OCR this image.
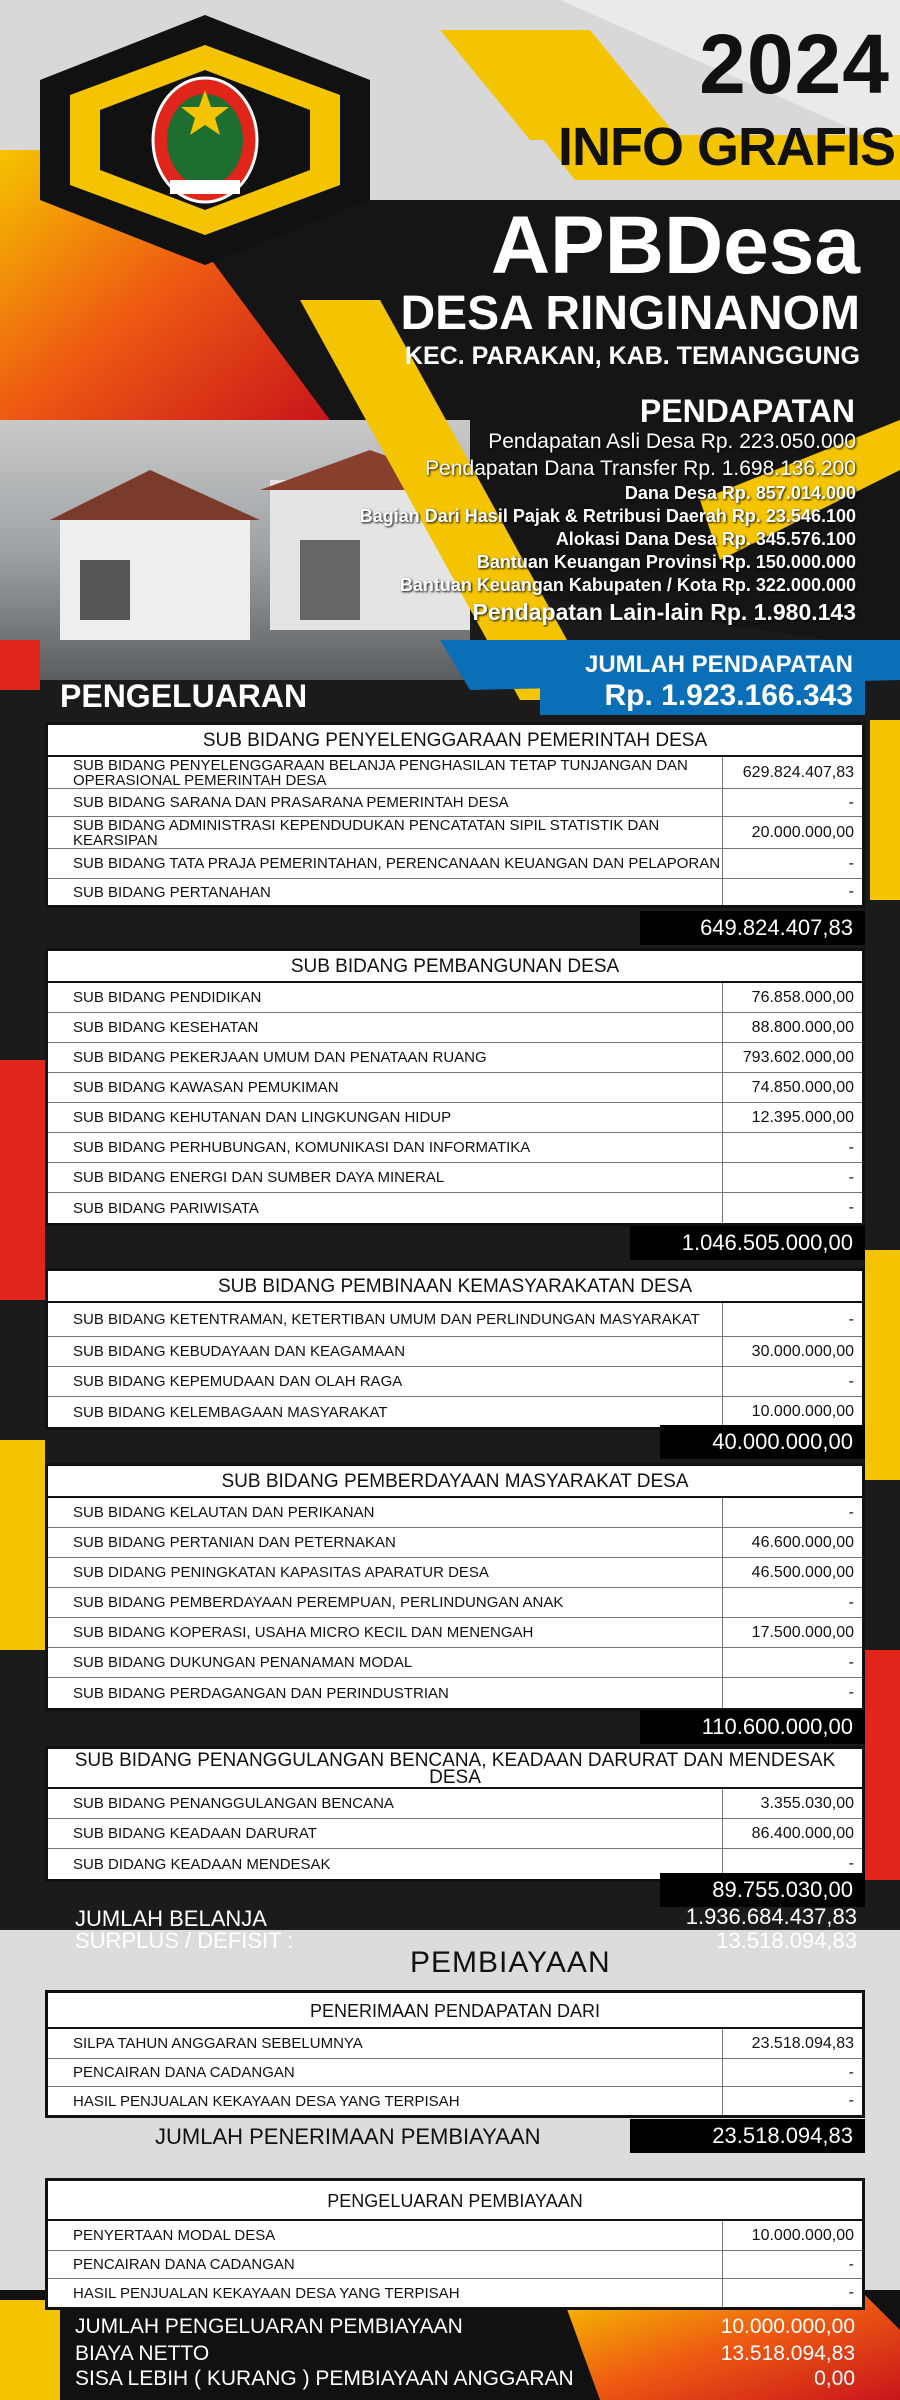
2024
INFO GRAFIS
APBDesa
DESA RINGINANOM
KEC. PARAKAN, KAB. TEMANGGUNG
PENDAPATAN
Pendapatan Asli Desa Rp. 223.050.000
Pendapatan Dana Transfer Rp. 1.698.136.200
Dana Desa Rp. 857.014.000
Bagian Dari Hasil Pajak & Retribusi Daerah Rp. 23.546.100
Alokasi Dana Desa Rp. 345.576.100
Bantuan Keuangan Provinsi Rp. 150.000.000
Bantuan Keuangan Kabupaten / Kota Rp. 322.000.000
Pendapatan Lain-lain Rp. 1.980.143
JUMLAH PENDAPATAN
Rp. 1.923.166.343
PENGELUARAN
SUB BIDANG PENYELENGGARAAN PEMERINTAH DESA
SUB BIDANG PENYELENGGARAAN BELANJA PENGHASILAN TETAP TUNJANGAN DAN OPERASIONAL PEMERINTAH DESA	629.824.407,83
SUB BIDANG SARANA DAN PRASARANA PEMERINTAH DESA	-
SUB BIDANG ADMINISTRASI KEPENDUDUKAN PENCATATAN SIPIL STATISTIK DAN KEARSIPAN	20.000.000,00
SUB BIDANG TATA PRAJA PEMERINTAHAN, PERENCANAAN KEUANGAN DAN PELAPORAN	-
SUB BIDANG PERTANAHAN	-
649.824.407,83
SUB BIDANG PEMBANGUNAN DESA
SUB BIDANG PENDIDIKAN	76.858.000,00
SUB BIDANG KESEHATAN	88.800.000,00
SUB BIDANG PEKERJAAN UMUM DAN PENATAAN RUANG	793.602.000,00
SUB BIDANG KAWASAN PEMUKIMAN	74.850.000,00
SUB BIDANG KEHUTANAN DAN LINGKUNGAN HIDUP	12.395.000,00
SUB BIDANG PERHUBUNGAN, KOMUNIKASI DAN INFORMATIKA	-
SUB BIDANG ENERGI DAN SUMBER DAYA MINERAL	-
SUB BIDANG PARIWISATA	-
1.046.505.000,00
SUB BIDANG PEMBINAAN KEMASYARAKATAN DESA
SUB BIDANG KETENTRAMAN, KETERTIBAN UMUM DAN PERLINDUNGAN MASYARAKAT	-
SUB BIDANG KEBUDAYAAN DAN KEAGAMAAN	30.000.000,00
SUB BIDANG KEPEMUDAAN DAN OLAH RAGA	-
SUB BIDANG KELEMBAGAAN MASYARAKAT	10.000.000,00
40.000.000,00
SUB BIDANG PEMBERDAYAAN MASYARAKAT DESA
SUB BIDANG KELAUTAN DAN PERIKANAN	-
SUB BIDANG PERTANIAN DAN PETERNAKAN	46.600.000,00
SUB DIDANG PENINGKATAN KAPASITAS APARATUR DESA	46.500.000,00
SUB BIDANG PEMBERDAYAAN PEREMPUAN, PERLINDUNGAN ANAK	-
SUB BIDANG KOPERASI, USAHA MICRO KECIL DAN MENENGAH	17.500.000,00
SUB BIDANG DUKUNGAN PENANAMAN MODAL	-
SUB BIDANG PERDAGANGAN DAN PERINDUSTRIAN	-
110.600.000,00
SUB BIDANG PENANGGULANGAN BENCANA, KEADAAN DARURAT DAN MENDESAK DESA
SUB BIDANG PENANGGULANGAN BENCANA	3.355.030,00
SUB BIDANG KEADAAN DARURAT	86.400.000,00
SUB DIDANG KEADAAN MENDESAK	-
89.755.030,00
JUMLAH BELANJA	1.936.684.437,83
SURPLUS / DEFISIT :	13.518.094,83
PEMBIAYAAN
PENERIMAAN PENDAPATAN DARI
SILPA TAHUN ANGGARAN SEBELUMNYA	23.518.094,83
PENCAIRAN DANA CADANGAN	-
HASIL PENJUALAN KEKAYAAN DESA YANG TERPISAH	-
JUMLAH PENERIMAAN PEMBIAYAAN	23.518.094,83
PENGELUARAN PEMBIAYAAN
PENYERTAAN MODAL DESA	10.000.000,00
PENCAIRAN DANA CADANGAN	-
HASIL PENJUALAN KEKAYAAN DESA YANG TERPISAH	-
JUMLAH PENGELUARAN PEMBIAYAAN	10.000.000,00
BIAYA NETTO	13.518.094,83
SISA LEBIH ( KURANG ) PEMBIAYAAN ANGGARAN	0,00
